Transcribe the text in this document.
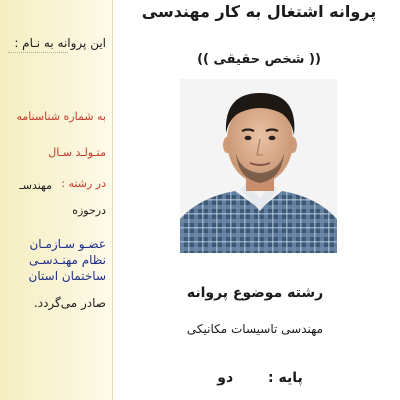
این پروانه به نـام :
به شماره شناسنامه
متـولـد سـال
در رشته :
مهندسـ
درحوزه
عضـو سـازمـان
نظام مهنـدسـی
ساختمان استان
صادر می‌گردد.
پروانه اشتغال به کار مهندسی
(( شخص حقیقی ))
رشته موضوع پروانه
مهندسی تاسیسات مکانیکی
پایه : دو
